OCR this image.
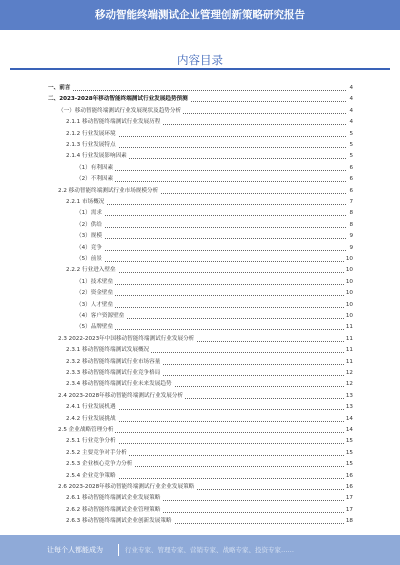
移动智能终端测试企业管理创新策略研究报告
内容目录
一、前言	4
二、2023-2028年移动智能终端测试行业发展趋势预测	4
（一）移动智能终端测试行业发展现状及趋势分析	4
2.1.1 移动智能终端测试行业发展历程	4
2.1.2 行业发展环境	5
2.1.3 行业发展特点	5
2.1.4 行业发展影响因素	5
（1）有利因素	6
（2）不利因素	6
2.2 移动智能终端测试行业市场规模分析	6
2.2.1 市场概况	7
（1）需求	8
（2）供给	8
（3）规模	9
（4）竞争	9
（5）前景	10
2.2.2 行业进入壁垒	10
（1）技术壁垒	10
（2）资金壁垒	10
（3）人才壁垒	10
（4）客户资源壁垒	10
（5）品牌壁垒	11
2.3 2022-2023年中国移动智能终端测试行业发展分析	11
2.3.1 移动智能终端测试发展概况	11
2.3.2 移动智能终端测试行业市场容量	11
2.3.3 移动智能终端测试行业竞争格局	12
2.3.4 移动智能终端测试行业未来发展趋势	12
2.4 2023-2028年移动智能终端测试行业发展分析	13
2.4.1 行业发展机遇	13
2.4.2 行业发展挑战	14
2.5 企业战略管理分析	14
2.5.1 行业竞争分析	15
2.5.2 主要竞争对手分析	15
2.5.3 企业核心竞争力分析	15
2.5.4 企业竞争策略	16
2.6 2023-2028年移动智能终端测试行业企业发展策略	16
2.6.1 移动智能终端测试企业发展策略	17
2.6.2 移动智能终端测试企业管理策略	17
2.6.3 移动智能终端测试企业创新发展策略	18
让每个人都能成为	行业专家、管理专家、营销专家、战略专家、投资专家……
